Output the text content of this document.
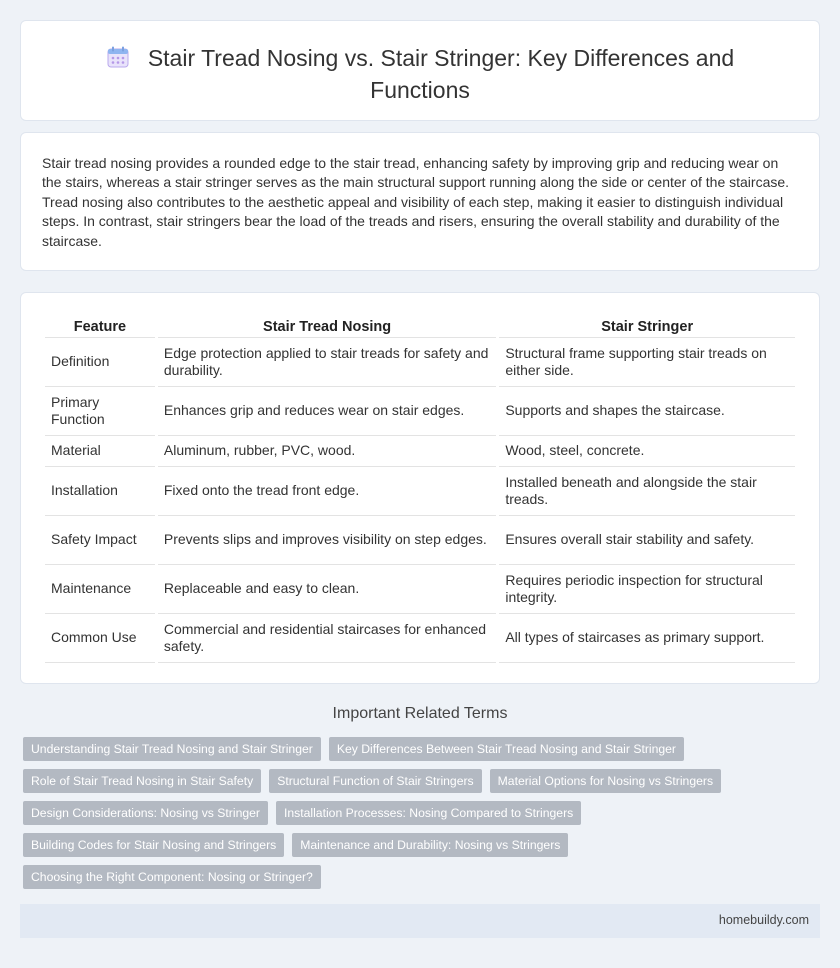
Stair Tread Nosing vs. Stair Stringer: Key Differences and
Functions

Stair tread nosing provides a rounded edge to the stair tread, enhancing safety by improving grip and reducing wear on the stairs, whereas a stair stringer serves as the main structural support running along the side or center of the staircase. Tread nosing also contributes to the aesthetic appeal and visibility of each step, making it easier to distinguish individual steps. In contrast, stair stringers bear the load of the treads and risers, ensuring the overall stability and durability of the staircase.

Feature	Stair Tread Nosing	Stair Stringer
Definition	Edge protection applied to stair treads for safety and durability.	Structural frame supporting stair treads on either side.
Primary Function	Enhances grip and reduces wear on stair edges.	Supports and shapes the staircase.
Material	Aluminum, rubber, PVC, wood.	Wood, steel, concrete.
Installation	Fixed onto the tread front edge.	Installed beneath and alongside the stair treads.
Safety Impact	Prevents slips and improves visibility on step edges.	Ensures overall stair stability and safety.
Maintenance	Replaceable and easy to clean.	Requires periodic inspection for structural integrity.
Common Use	Commercial and residential staircases for enhanced safety.	All types of staircases as primary support.
Important Related Terms
Understanding Stair Tread Nosing and Stair Stringer	Key Differences Between Stair Tread Nosing and Stair Stringer
Role of Stair Tread Nosing in Stair Safety	Structural Function of Stair Stringers	Material Options for Nosing vs Stringers
Design Considerations: Nosing vs Stringer	Installation Processes: Nosing Compared to Stringers
Building Codes for Stair Nosing and Stringers	Maintenance and Durability: Nosing vs Stringers
Choosing the Right Component: Nosing or Stringer?
homebuildy.com
